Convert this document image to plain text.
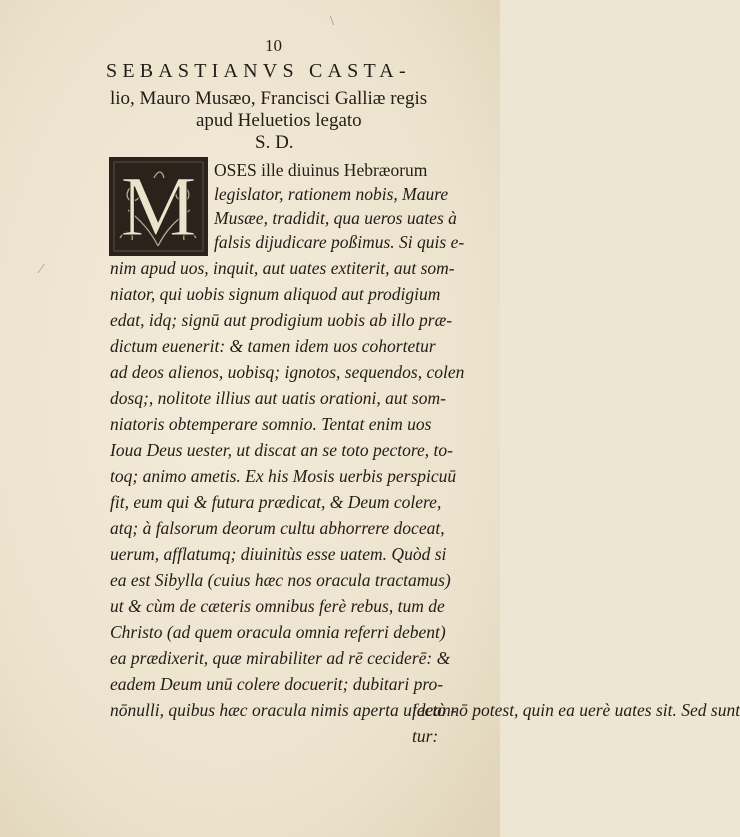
\
⁄
10
SEBASTIANVS CASTA-
lio, Mauro Musæo, Francisci Galliæ regis
apud Heluetios legato
S. D.
M OSES ille diuinus Hebræorum
legislator, rationem nobis, Maure
Musæe, tradidit, qua ueros uates à
falsis dijudicare poßimus. Si quis e-
nim apud uos, inquit, aut uates extiterit, aut som-
niator, qui uobis signum aliquod aut prodigium
edat, idq; signū aut prodigium uobis ab illo præ-
dictum euenerit: & tamen idem uos cohortetur
ad deos alienos, uobisq; ignotos, sequendos, colen
dosq;, nolitote illius aut uatis orationi, aut som-
niatoris obtemperare somnio. Tentat enim uos
Ioua Deus uester, ut discat an se toto pectore, to-
toq; animo ametis. Ex his Mosis uerbis perspicuū
fit, eum qui & futura prædicat, & Deum colere,
atq; à falsorum deorum cultu abhorrere doceat,
uerum, afflatumq; diuinitùs esse uatem. Quòd si
ea est Sibylla (cuius hæc nos oracula tractamus)
ut & cùm de cæteris omnibus ferè rebus, tum de
Christo (ad quem oracula omnia referri debent)
ea prædixerit, quæ mirabiliter ad rē ceciderē: &
eadem Deum unū colere docuerit; dubitari pro-
fectò nō potest, quin ea uerè uates sit. Sed sunt
nōnulli, quibus hæc oracula nimis aperta uidean-
tur:
